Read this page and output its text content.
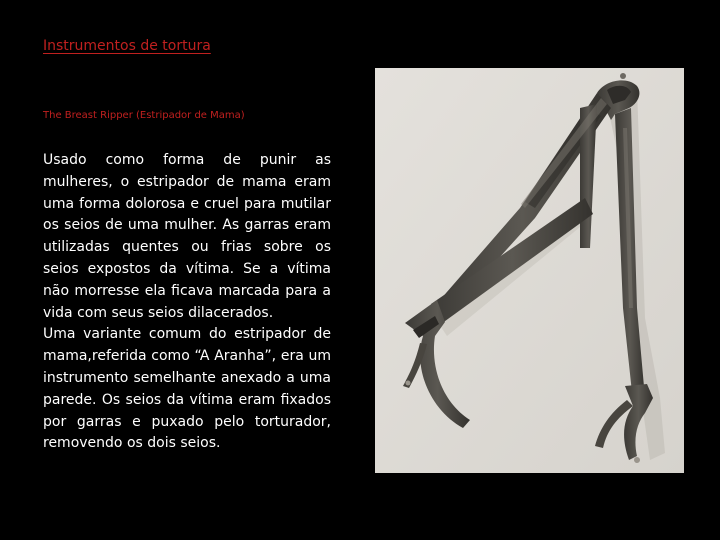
Instrumentos de tortura
The Breast Ripper (Estripador de Mama)

Usado como forma de punir as mulheres, o estripador de mama eram uma forma dolorosa e cruel para mutilar os seios de uma mulher. As garras eram utilizadas quentes ou frias sobre os seios expostos da vítima. Se a vítima não morresse ela ficava marcada para a vida com seus seios dilacerados.

Uma variante comum do estripador de mama,referida como “A Aranha”, era um instrumento semelhante anexado a uma parede. Os seios da vítima eram fixados por garras e puxado pelo torturador, removendo os dois seios.
